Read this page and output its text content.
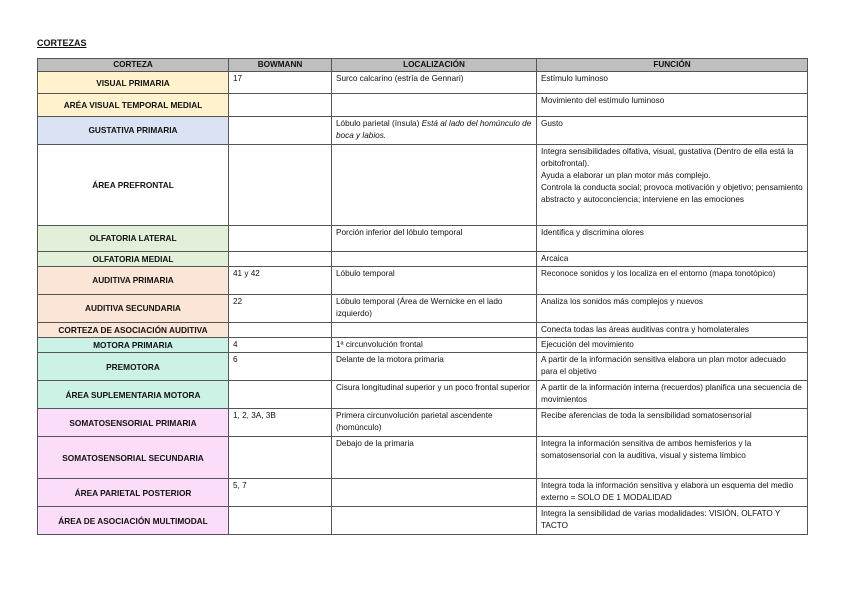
CORTEZAS
CORTEZA	BOWMANN	LOCALIZACIÓN	FUNCIÓN
VISUAL PRIMARIA	17	Surco calcarino (estría de Gennari)	Estímulo luminoso

ARÉA VISUAL TEMPORAL MEDIAL			Movimiento del estímulo luminoso

GUSTATIVA PRIMARIA		Lóbulo parietal (ínsula) Está al lado del homúnculo de boca y labios.	Gusto

ÁREA PREFRONTAL			Integra sensibilidades olfativa, visual, gustativa (Dentro de ella está la orbitofrontal).
Ayuda a elaborar un plan motor más complejo.
Controla la conducta social; provoca motivación y objetivo; pensamiento abstracto y autoconciencia; interviene en las emociones

OLFATORIA LATERAL		Porción inferior del lóbulo temporal	Identifica y discrimina olores

OLFATORIA MEDIAL			Arcaica

AUDITIVA PRIMARIA	41 y 42	Lóbulo temporal	Reconoce sonidos y los localiza en el entorno (mapa tonotópico)

AUDITIVA SECUNDARIA	22	Lóbulo temporal (Área de Wernicke en el lado izquierdo)	Analiza los sonidos más complejos y nuevos

CORTEZA DE ASOCIACIÓN AUDITIVA			Conecta todas las áreas auditivas contra y homolaterales

MOTORA PRIMARIA	4	1ª circunvolución frontal	Ejecución del movimiento

PREMOTORA	6	Delante de la motora primaria	A partir de la información sensitiva elabora un plan motor adecuado para el objetivo

ÁREA SUPLEMENTARIA MOTORA		Cisura longitudinal superior y un poco frontal superior	A partir de la información interna (recuerdos) planifica una secuencia de movimientos

SOMATOSENSORIAL PRIMARIA	1, 2, 3A, 3B	Primera circunvolución parietal ascendente (homúnculo)	Recibe aferencias de toda la sensibilidad somatosensorial

SOMATOSENSORIAL SECUNDARIA		Debajo de la primaria	Integra la información sensitiva de ambos hemisferios y la somatosensorial con la auditiva, visual y sistema límbico

ÁREA PARIETAL POSTERIOR	5, 7		Integra toda la información sensitiva y elabora un esquema del medio externo = SOLO DE 1 MODALIDAD

ÁREA DE ASOCIACIÓN MULTIMODAL			Integra la sensibilidad de varias modalidades: VISIÓN, OLFATO Y TACTO
